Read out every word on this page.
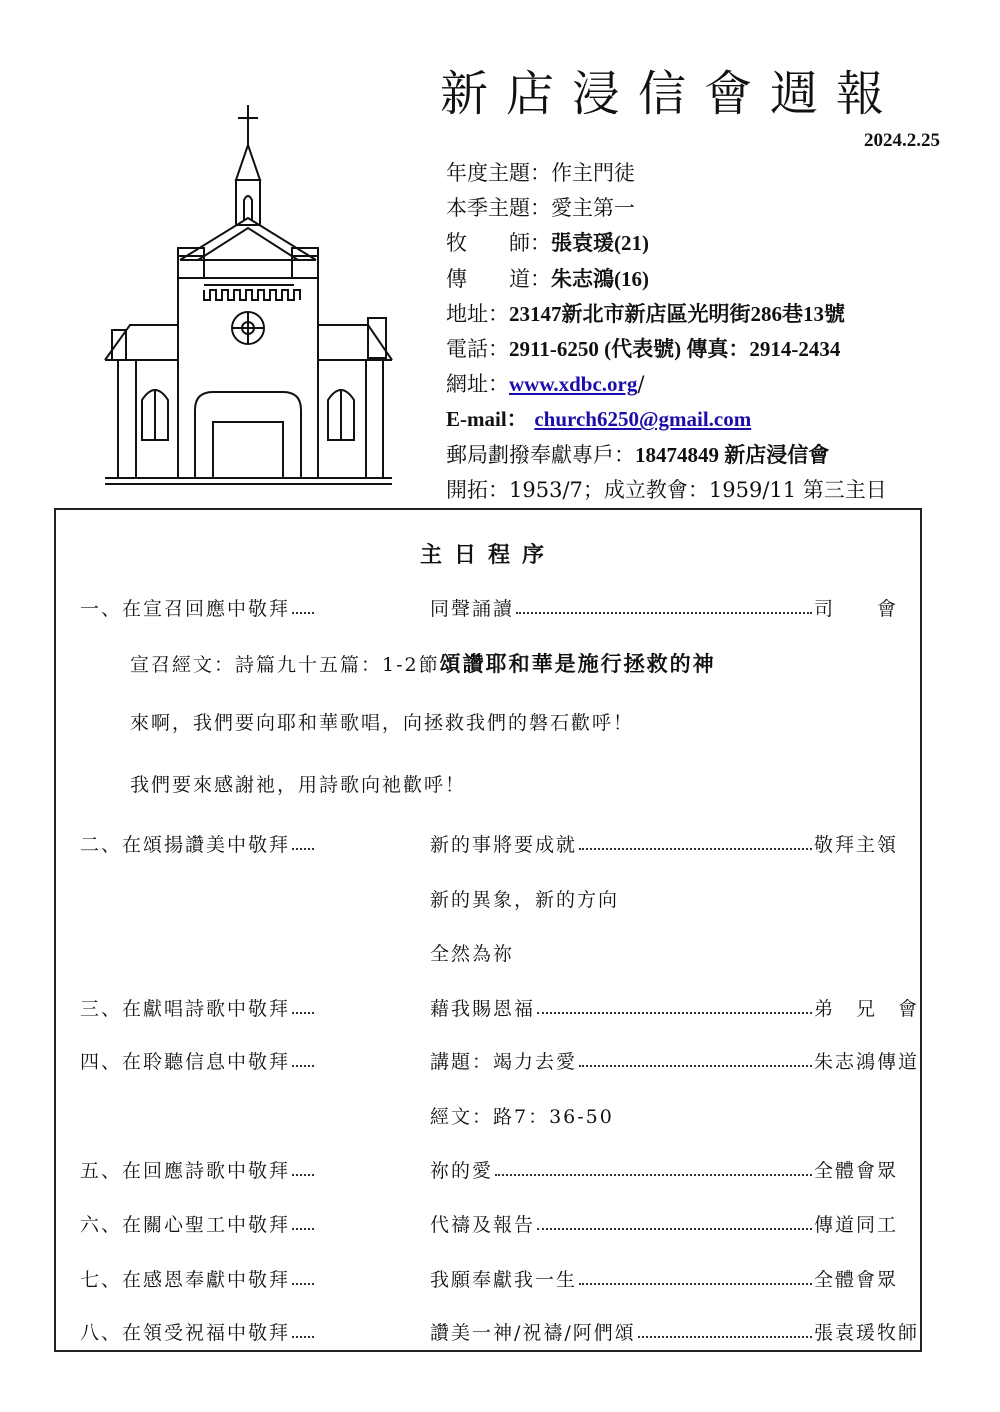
新店浸信會週報
2024.2.25
年度主題：作主門徒
本季主題：愛主第一
牧　　師：張袁瑗(21)
傳　　道：朱志鴻(16)
地址：23147新北市新店區光明街286巷13號
電話：2911-6250 (代表號) 傳真：2914-2434
網址：www.xdbc.org/
E-mail： church6250@gmail.com
郵局劃撥奉獻專戶：18474849 新店浸信會
開拓：1953/7；成立教會：1959/11 第三主日
主日程序
一、在宣召回應中敬拜	同聲誦讀	司　　會
宣召經文：詩篇九十五篇：1-2節頌讚耶和華是施行拯救的神
來啊，我們要向耶和華歌唱，向拯救我們的磐石歡呼！
我們要來感謝祂，用詩歌向祂歡呼！
二、在頌揚讚美中敬拜	新的事將要成就	敬拜主領
新的異象，新的方向
全然為祢
三、在獻唱詩歌中敬拜	藉我賜恩福	弟　兄　會
四、在聆聽信息中敬拜	講題：竭力去愛	朱志鴻傳道
經文：路7：36-50
五、在回應詩歌中敬拜	祢的愛	全體會眾
六、在關心聖工中敬拜	代禱及報告	傳道同工
七、在感恩奉獻中敬拜	我願奉獻我一生	全體會眾
八、在領受祝福中敬拜	讚美一神/祝禱/阿們頌	張袁瑗牧師
